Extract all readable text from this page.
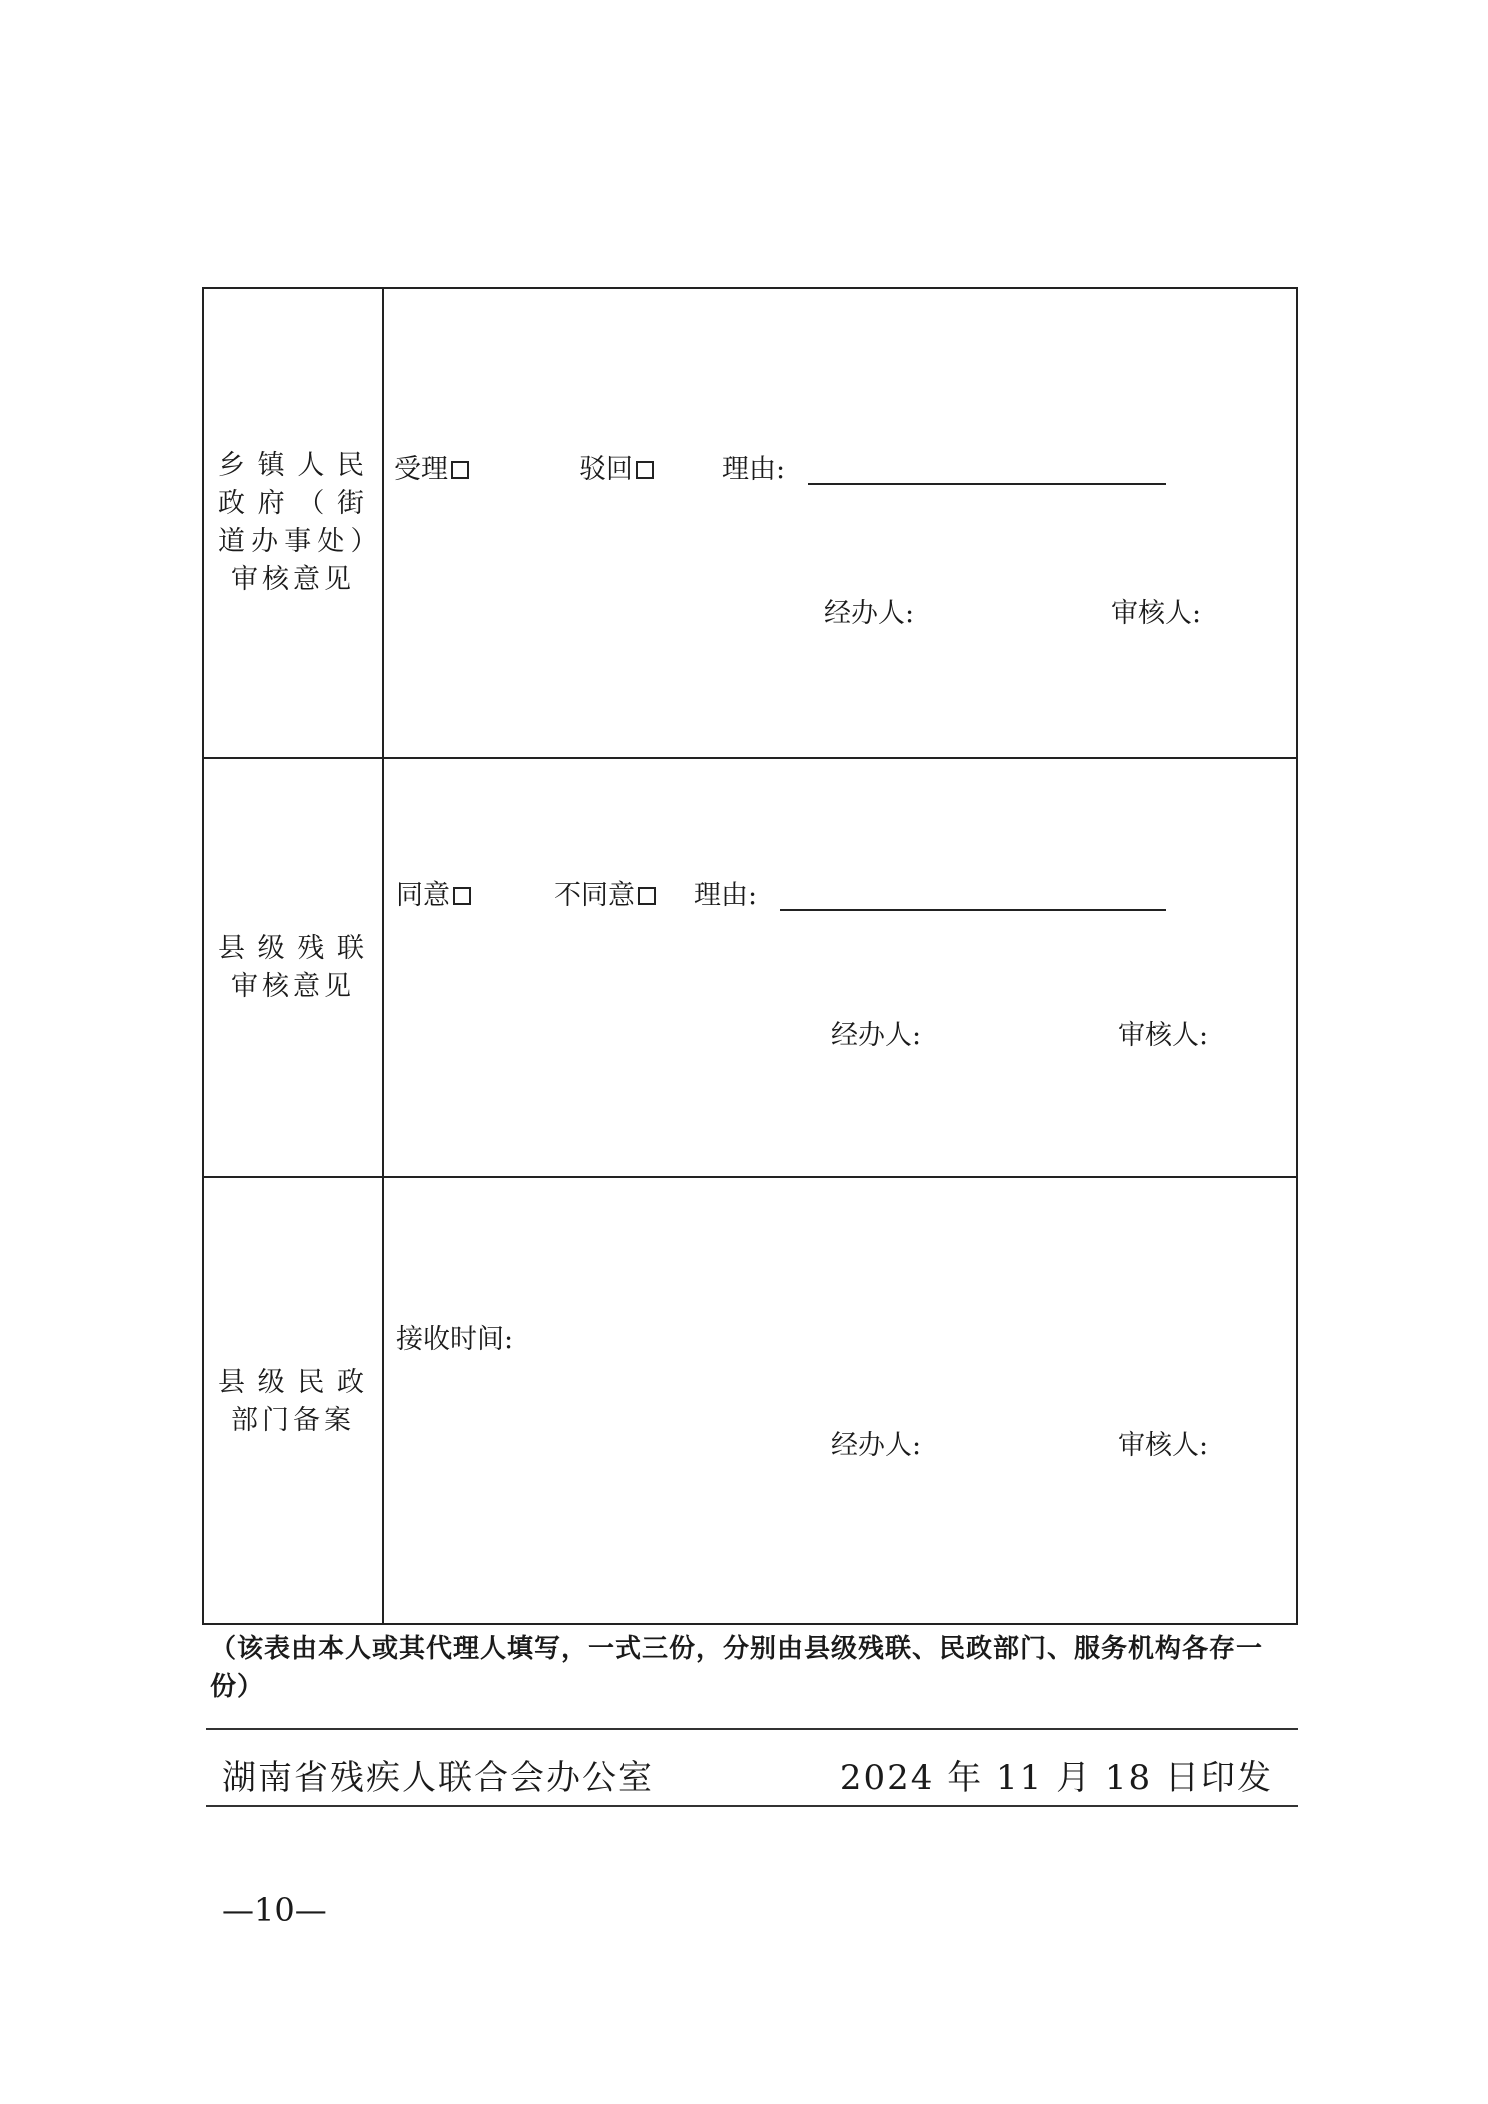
乡镇人民政府（街道办事处）审核意见
受理	驳回	理由:
经办人:	审核人:
县级残联审核意见
同意	不同意	理由:
经办人:	审核人:
县级民政部门备案
接收时间:
经办人:	审核人:
（该表由本人或其代理人填写，一式三份，分别由县级残联、民政部门、服务机构各存一份）
湖南省残疾人联合会办公室	2024 年 11 月 18 日印发
—10—
